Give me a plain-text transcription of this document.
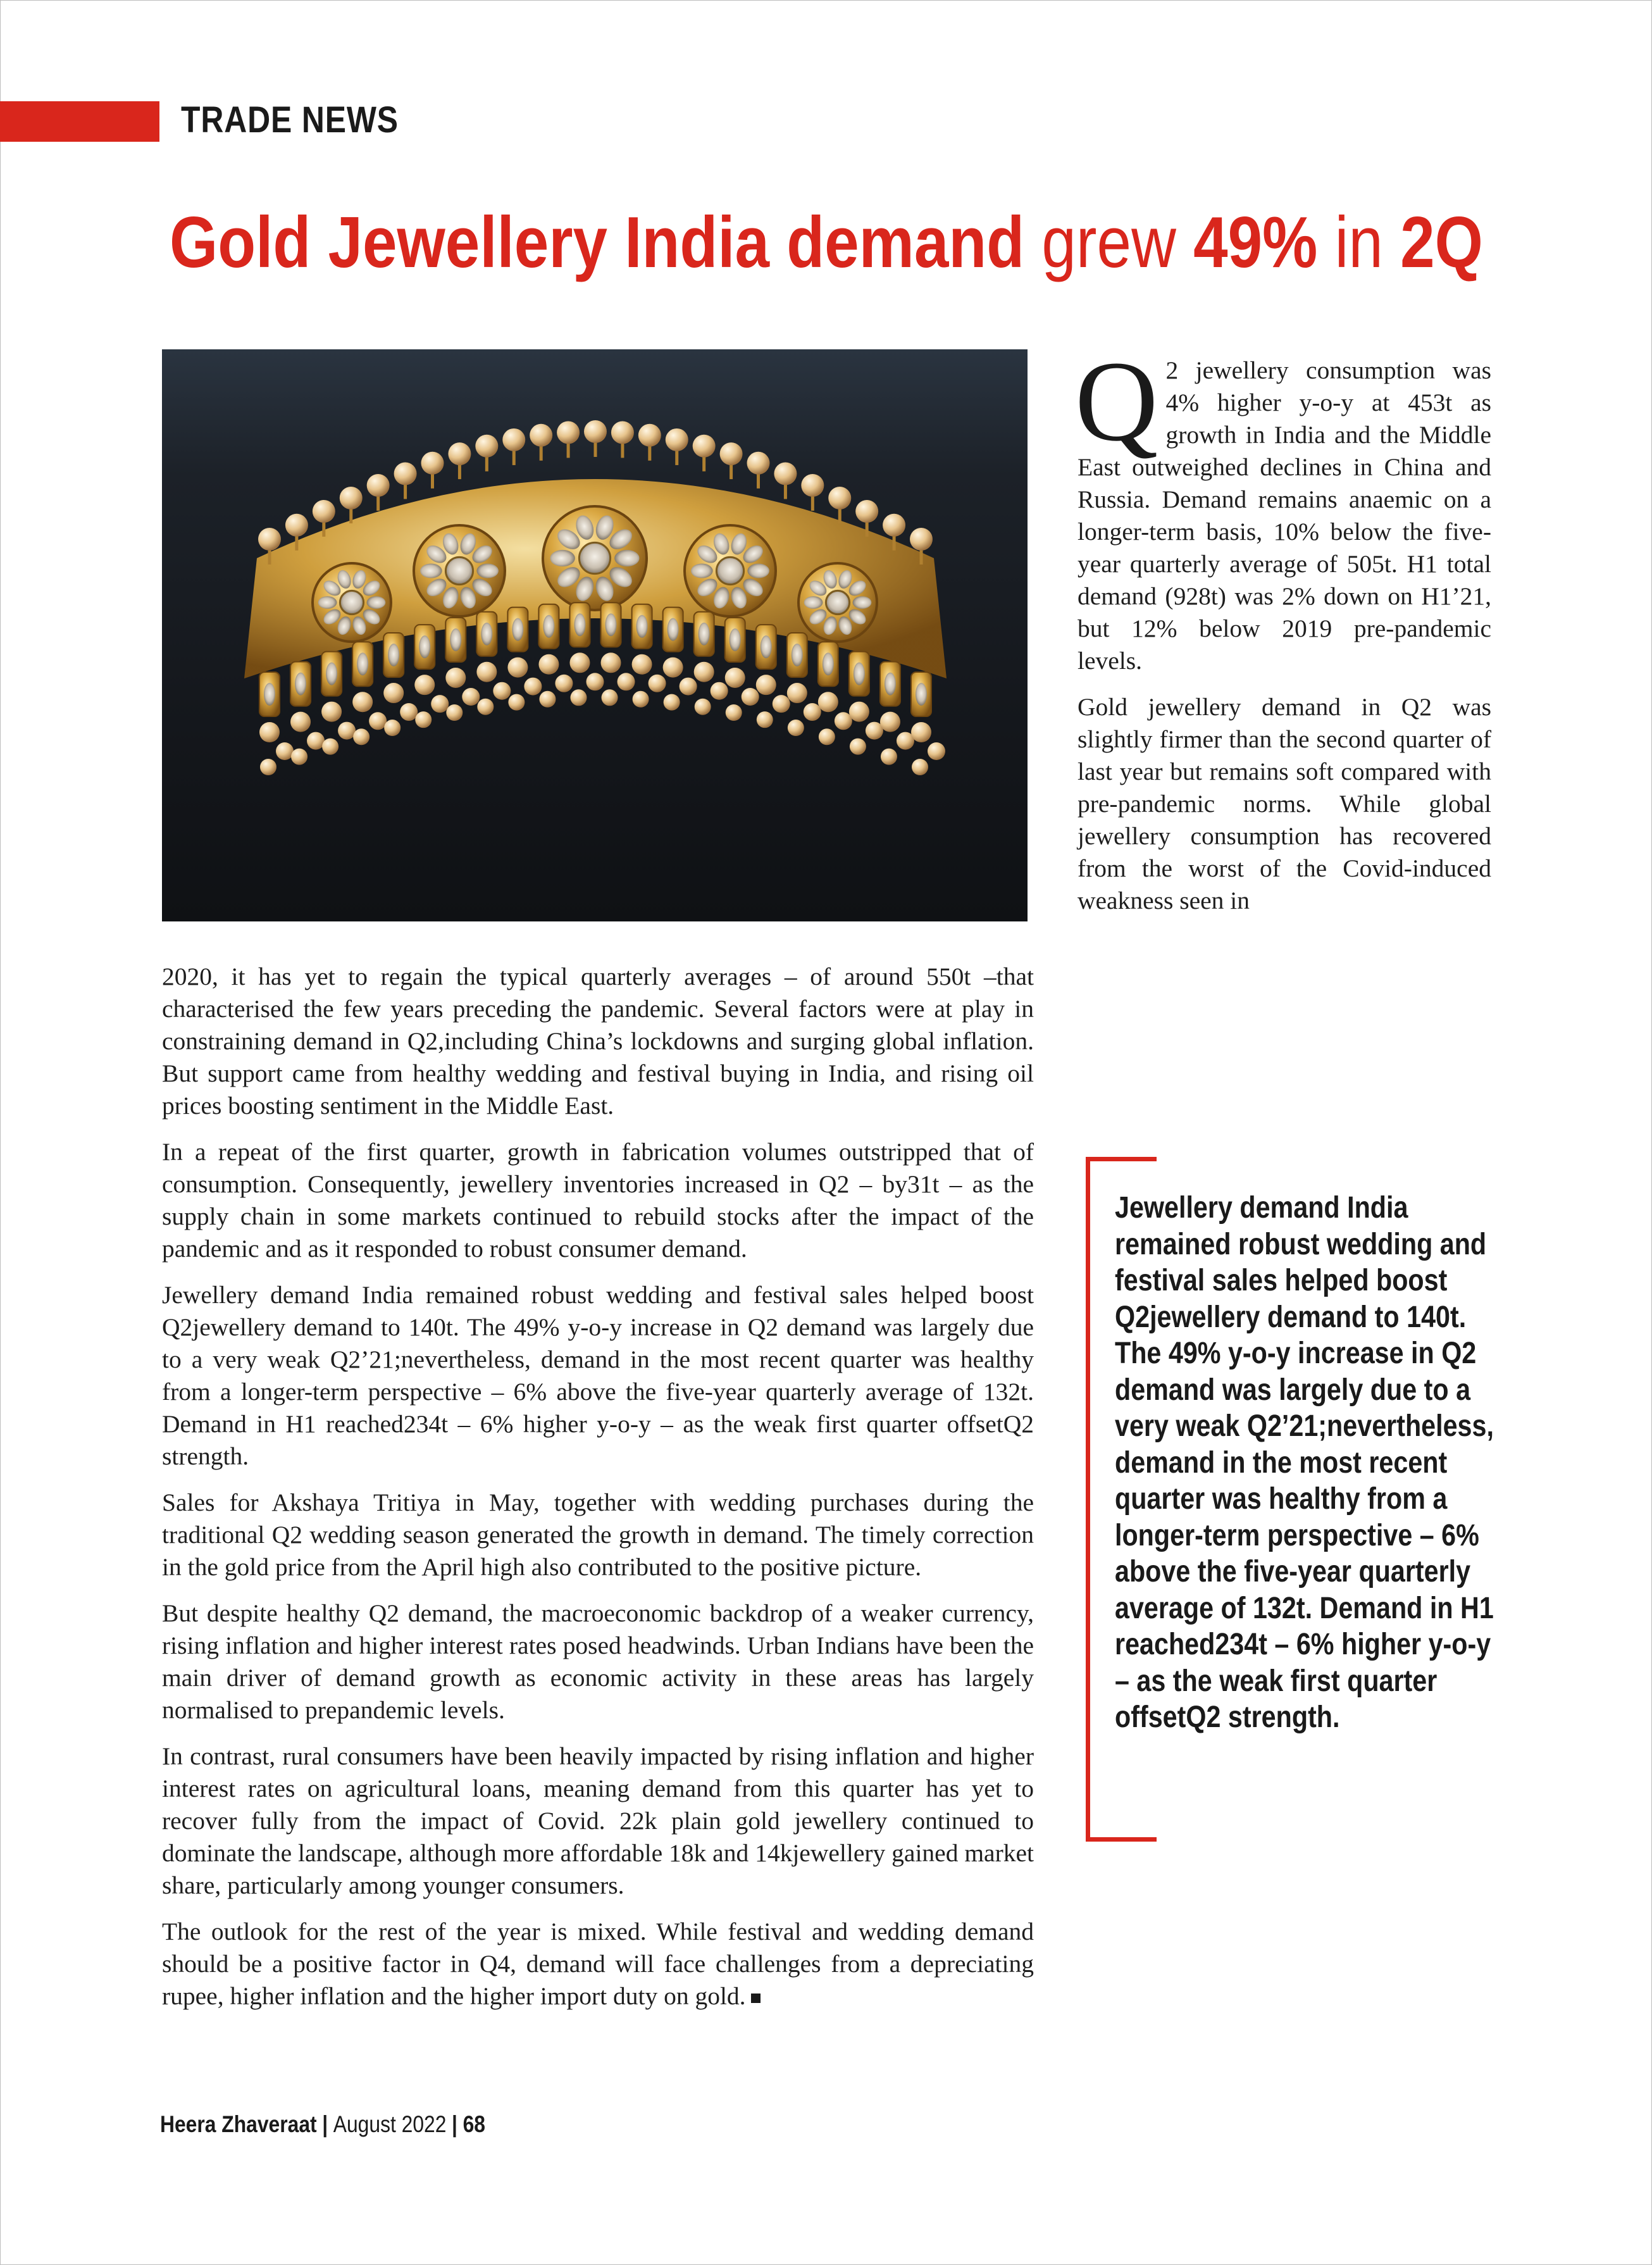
TRADE NEWS
Gold Jewellery India demand grew 49% in 2Q

Q 2 jewellery consumption was 4% higher y-o-y at 453t as growth in India and the Middle East outweighed declines in China and Russia. Demand remains anaemic on a longer-term basis, 10% below the five-year quarterly average of 505t. H1 total demand (928t) was 2% down on H1’21, but 12% below 2019 pre-pandemic levels.

Gold jewellery demand in Q2 was slightly firmer than the second quarter of last year but remains soft compared with pre-pandemic norms. While global jewellery consumption has recovered from the worst of the Covid-induced weakness seen in

2020, it has yet to regain the typical quarterly averages – of around 550t –that characterised the few years preceding the pandemic. Several factors were at play in constraining demand in Q2,including China’s lockdowns and surging global inflation. But support came from healthy wedding and festival buying in India, and rising oil prices boosting sentiment in the Middle East.

In a repeat of the first quarter, growth in fabrication volumes outstripped that of consumption. Consequently, jewellery inventories increased in Q2 – by31t – as the supply chain in some markets continued to rebuild stocks after the impact of the pandemic and as it responded to robust consumer demand.

Jewellery demand India remained robust wedding and festival sales helped boost Q2jewellery demand to 140t. The 49% y-o-y increase in Q2 demand was largely due to a very weak Q2’21;nevertheless, demand in the most recent quarter was healthy from a longer-term perspective – 6% above the five-year quarterly average of 132t. Demand in H1 reached234t – 6% higher y-o-y – as the weak first quarter offsetQ2 strength.

Sales for Akshaya Tritiya in May, together with wedding purchases during the traditional Q2 wedding season generated the growth in demand. The timely correction in the gold price from the April high also contributed to the positive picture.

But despite healthy Q2 demand, the macroeconomic backdrop of a weaker currency, rising inflation and higher interest rates posed headwinds. Urban Indians have been the main driver of demand growth as economic activity in these areas has largely normalised to prepandemic levels.

In contrast, rural consumers have been heavily impacted by rising inflation and higher interest rates on agricultural loans, meaning demand from this quarter has yet to recover fully from the impact of Covid. 22k plain gold jewellery continued to dominate the landscape, although more affordable 18k and 14kjewellery gained market share, particularly among younger consumers.

The outlook for the rest of the year is mixed. While festival and wedding demand should be a positive factor in Q4, demand will face challenges from a depreciating rupee, higher inflation and the higher import duty on gold.

Jewellery demand India remained robust wedding and festival sales helped boost Q2jewellery demand to 140t. The 49% y-o-y increase in Q2 demand was largely due to a very weak Q2’21;nevertheless, demand in the most recent quarter was healthy from a longer-term perspective – 6% above the five-year quarterly average of 132t. Demand in H1 reached234t – 6% higher y-o-y – as the weak first quarter offsetQ2 strength.
Heera Zhaveraat | August 2022 | 68
